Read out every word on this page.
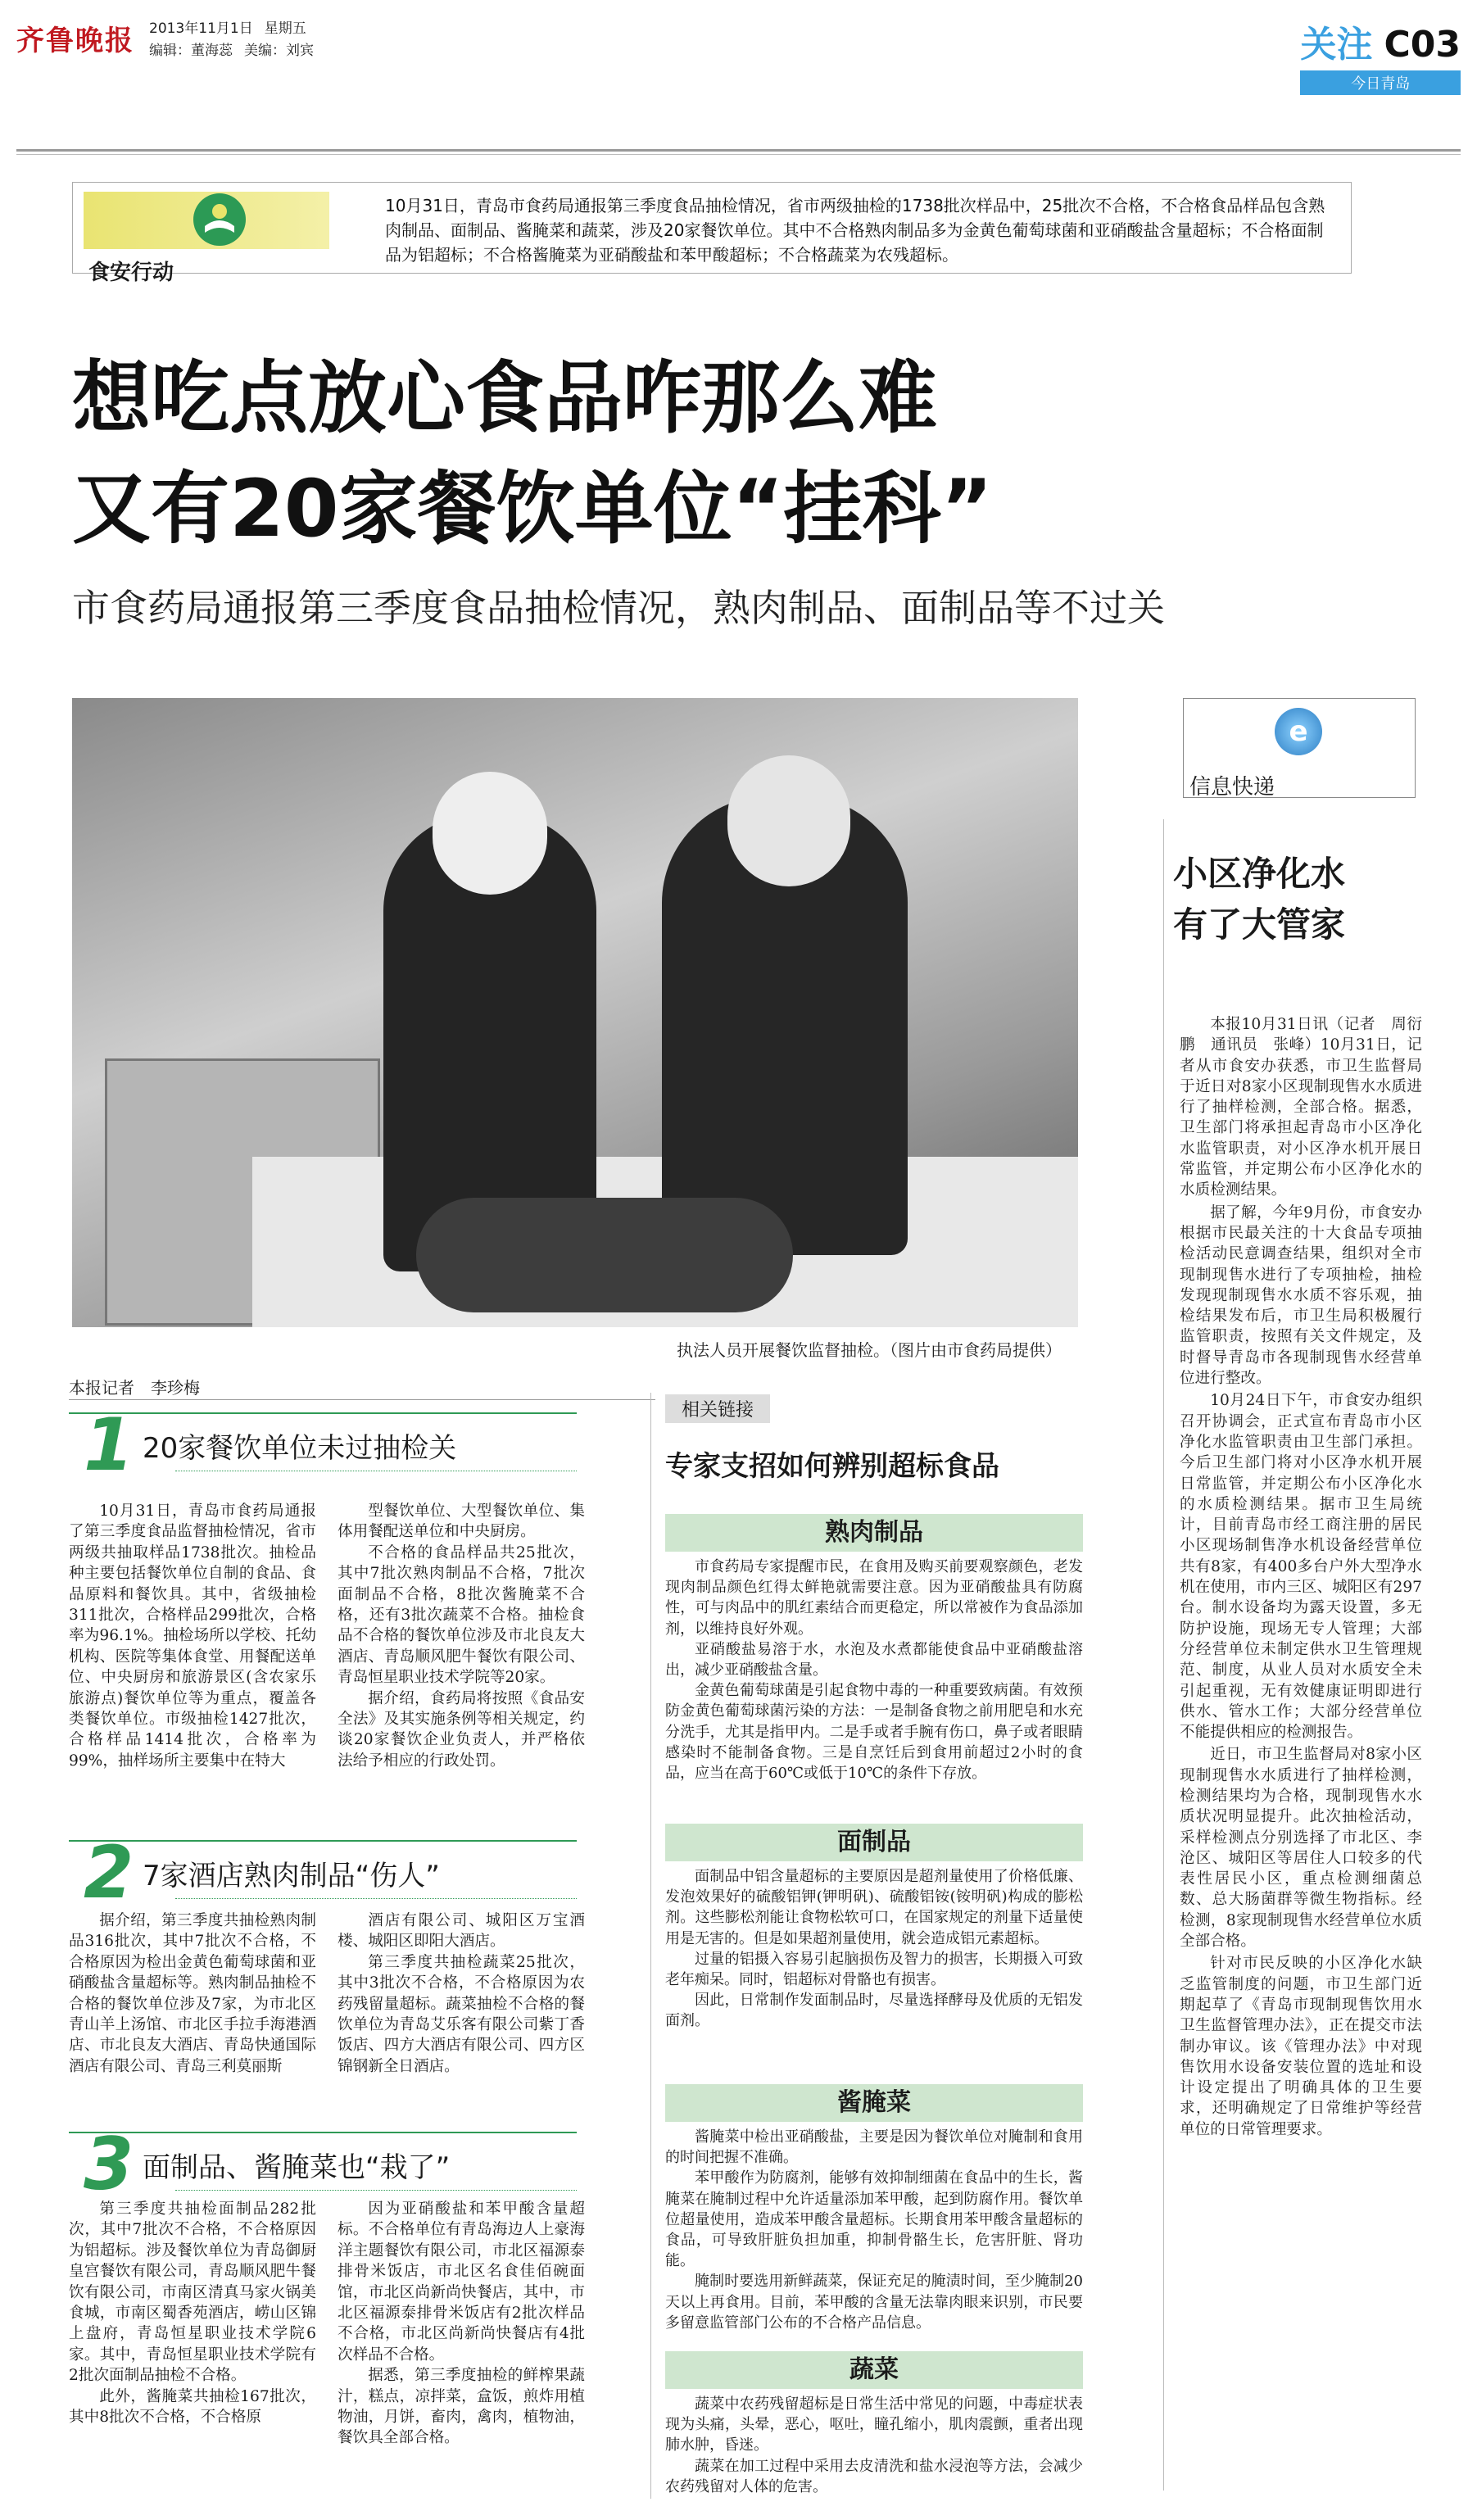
齐鲁晚报 2013年11月1日 星期五
编辑：董海蕊 美编：刘宾	关注 C03
今日青岛
食安行动
10月31日，青岛市食药局通报第三季度食品抽检情况，省市两级抽检的1738批次样品中，25批次不合格，不合格食品样品包含熟肉制品、面制品、酱腌菜和蔬菜，涉及20家餐饮单位。其中不合格熟肉制品多为金黄色葡萄球菌和亚硝酸盐含量超标；不合格面制品为铝超标；不合格酱腌菜为亚硝酸盐和苯甲酸超标；不合格蔬菜为农残超标。
想吃点放心食品咋那么难
又有20家餐饮单位“挂科”
市食药局通报第三季度食品抽检情况，熟肉制品、面制品等不过关
执法人员开展餐饮监督抽检。（图片由市食药局提供）
e
信息快递
小区净化水
有了大管家

本报10月31日讯（记者　周衍鹏　通讯员　张峰）10月31日，记者从市食安办获悉，市卫生监督局于近日对8家小区现制现售水水质进行了抽样检测，全部合格。据悉，卫生部门将承担起青岛市小区净化水监管职责，对小区净水机开展日常监管，并定期公布小区净化水的水质检测结果。

据了解，今年9月份，市食安办根据市民最关注的十大食品专项抽检活动民意调查结果，组织对全市现制现售水进行了专项抽检，抽检发现现制现售水水质不容乐观，抽检结果发布后，市卫生局积极履行监管职责，按照有关文件规定，及时督导青岛市各现制现售水经营单位进行整改。

10月24日下午，市食安办组织召开协调会，正式宣布青岛市小区净化水监管职责由卫生部门承担。今后卫生部门将对小区净水机开展日常监管，并定期公布小区净化水的水质检测结果。据市卫生局统计，目前青岛市经工商注册的居民小区现场制售净水机设备经营单位共有8家，有400多台户外大型净水机在使用，市内三区、城阳区有297台。制水设备均为露天设置，多无防护设施，现场无专人管理；大部分经营单位未制定供水卫生管理规范、制度，从业人员对水质安全未引起重视，无有效健康证明即进行供水、管水工作；大部分经营单位不能提供相应的检测报告。

近日，市卫生监督局对8家小区现制现售水水质进行了抽样检测，检测结果均为合格，现制现售水水质状况明显提升。此次抽检活动，采样检测点分别选择了市北区、李沧区、城阳区等居住人口较多的代表性居民小区，重点检测细菌总数、总大肠菌群等微生物指标。经检测，8家现制现售水经营单位水质全部合格。

针对市民反映的小区净化水缺乏监管制度的问题，市卫生部门近期起草了《青岛市现制现售饮用水卫生监督管理办法》，正在提交市法制办审议。该《管理办法》中对现售饮用水设备安装位置的选址和设计设定提出了明确具体的卫生要求，还明确规定了日常维护等经营单位的日常管理要求。

本报记者　李珍梅
1 20家餐饮单位未过抽检关

10月31日，青岛市食药局通报了第三季度食品监督抽检情况，省市两级共抽取样品1738批次。抽检品种主要包括餐饮单位自制的食品、食品原料和餐饮具。其中，省级抽检311批次，合格样品299批次，合格率为96.1%。抽检场所以学校、托幼机构、医院等集体食堂、用餐配送单位、中央厨房和旅游景区(含农家乐旅游点)餐饮单位等为重点，覆盖各类餐饮单位。市级抽检1427批次，合格样品1414批次，合格率为99%，抽样场所主要集中在特大

型餐饮单位、大型餐饮单位、集体用餐配送单位和中央厨房。

不合格的食品样品共25批次，其中7批次熟肉制品不合格，7批次面制品不合格，8批次酱腌菜不合格，还有3批次蔬菜不合格。抽检食品不合格的餐饮单位涉及市北良友大酒店、青岛顺风肥牛餐饮有限公司、青岛恒星职业技术学院等20家。

据介绍，食药局将按照《食品安全法》及其实施条例等相关规定，约谈20家餐饮企业负责人，并严格依法给予相应的行政处罚。

2 7家酒店熟肉制品“伤人”

据介绍，第三季度共抽检熟肉制品316批次，其中7批次不合格，不合格原因为检出金黄色葡萄球菌和亚硝酸盐含量超标等。熟肉制品抽检不合格的餐饮单位涉及7家，为市北区青山羊上汤馆、市北区手拉手海港酒店、市北良友大酒店、青岛快通国际酒店有限公司、青岛三利莫丽斯

酒店有限公司、城阳区万宝酒楼、城阳区即阳大酒店。

第三季度共抽检蔬菜25批次，其中3批次不合格，不合格原因为农药残留量超标。蔬菜抽检不合格的餐饮单位为青岛艾乐客有限公司紫丁香饭店、四方大酒店有限公司、四方区锦钢新全日酒店。

3 面制品、酱腌菜也“栽了”

第三季度共抽检面制品282批次，其中7批次不合格，不合格原因为铝超标。涉及餐饮单位为青岛御厨皇宫餐饮有限公司，青岛顺风肥牛餐饮有限公司，市南区清真马家火锅美食城，市南区蜀香苑酒店，崂山区锦上盘府，青岛恒星职业技术学院6家。其中，青岛恒星职业技术学院有2批次面制品抽检不合格。

此外，酱腌菜共抽检167批次，其中8批次不合格，不合格原

因为亚硝酸盐和苯甲酸含量超标。不合格单位有青岛海边人上豪海洋主题餐饮有限公司，市北区福源泰排骨米饭店，市北区名食佳佰碗面馆，市北区尚新尚快餐店，其中，市北区福源泰排骨米饭店有2批次样品不合格，市北区尚新尚快餐店有4批次样品不合格。

据悉，第三季度抽检的鲜榨果蔬汁，糕点，凉拌菜，盒饭，煎炸用植物油，月饼，畜肉，禽肉，植物油，餐饮具全部合格。

相关链接
专家支招如何辨别超标食品
熟肉制品

市食药局专家提醒市民，在食用及购买前要观察颜色，老发现肉制品颜色红得太鲜艳就需要注意。因为亚硝酸盐具有防腐性，可与肉品中的肌红素结合而更稳定，所以常被作为食品添加剂，以维持良好外观。

亚硝酸盐易溶于水，水泡及水煮都能使食品中亚硝酸盐溶出，减少亚硝酸盐含量。

金黄色葡萄球菌是引起食物中毒的一种重要致病菌。有效预防金黄色葡萄球菌污染的方法：一是制备食物之前用肥皂和水充分洗手，尤其是指甲内。二是手或者手腕有伤口，鼻子或者眼睛感染时不能制备食物。三是自烹饪后到食用前超过2小时的食品，应当在高于60℃或低于10℃的条件下存放。

面制品

面制品中铝含量超标的主要原因是超剂量使用了价格低廉、发泡效果好的硫酸铝钾(钾明矾)、硫酸铝铵(铵明矾)构成的膨松剂。这些膨松剂能让食物松软可口，在国家规定的剂量下适量使用是无害的。但是如果超剂量使用，就会造成铝元素超标。

过量的铝摄入容易引起脑损伤及智力的损害，长期摄入可致老年痴呆。同时，铝超标对骨骼也有损害。

因此，日常制作发面制品时，尽量选择酵母及优质的无铝发面剂。

酱腌菜

酱腌菜中检出亚硝酸盐，主要是因为餐饮单位对腌制和食用的时间把握不准确。

苯甲酸作为防腐剂，能够有效抑制细菌在食品中的生长，酱腌菜在腌制过程中允许适量添加苯甲酸，起到防腐作用。餐饮单位超量使用，造成苯甲酸含量超标。长期食用苯甲酸含量超标的食品，可导致肝脏负担加重，抑制骨骼生长，危害肝脏、肾功能。

腌制时要选用新鲜蔬菜，保证充足的腌渍时间，至少腌制20天以上再食用。目前，苯甲酸的含量无法靠肉眼来识别，市民要多留意监管部门公布的不合格产品信息。

蔬菜

蔬菜中农药残留超标是日常生活中常见的问题，中毒症状表现为头痛，头晕，恶心，呕吐，瞳孔缩小，肌肉震颤，重者出现肺水肿，昏迷。

蔬菜在加工过程中采用去皮清洗和盐水浸泡等方法，会减少农药残留对人体的危害。
